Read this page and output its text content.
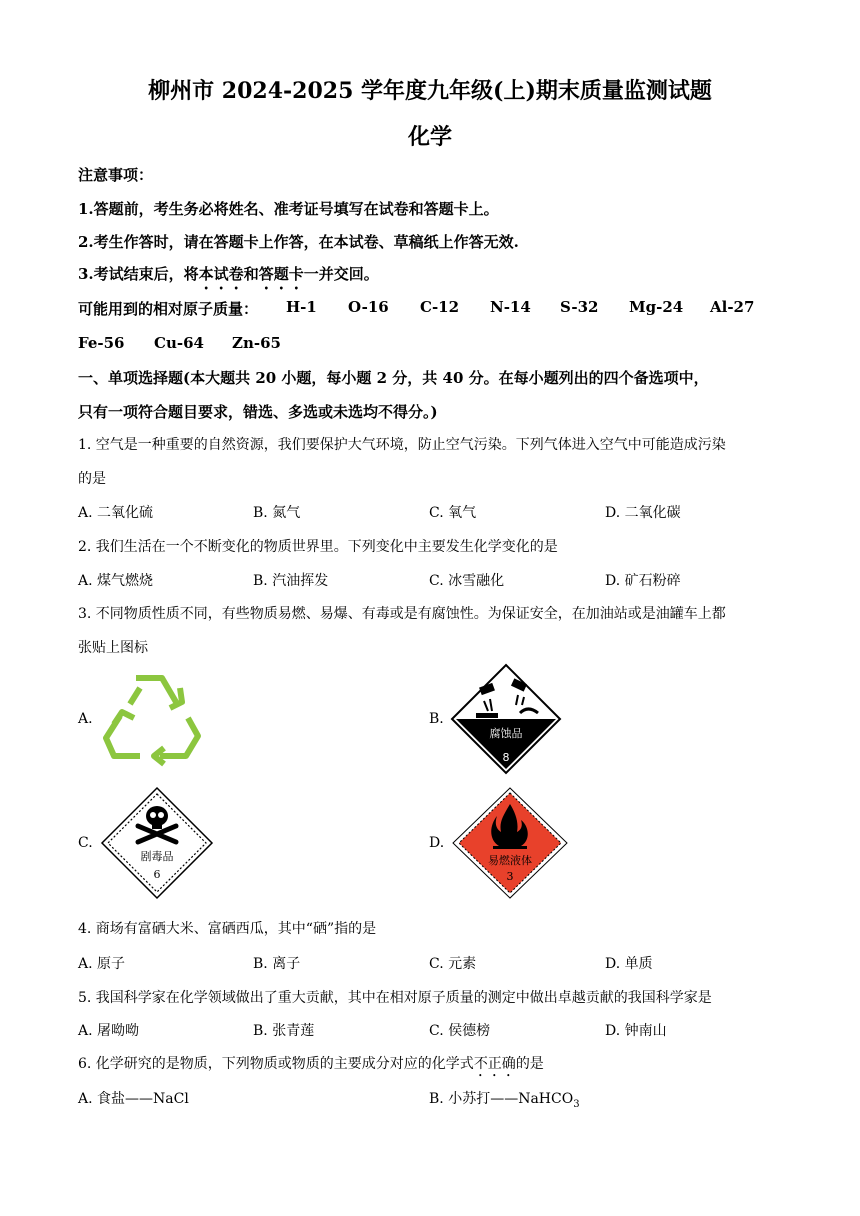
柳州市 2024-2025 学年度九年级(上)期末质量监测试题
化学
注意事项：
1.答题前，考生务必将姓名、准考证号填写在试卷和答题卡上。
2.考生作答时，请在答题卡上作答，在本试卷、草稿纸上作答无效.
3.考试结束后，将本试卷和答题卡一并交回。
可能用到的相对原子质量： H-1 O-16 C-12 N-14 S-32 Mg-24 Al-27
Fe-56 Cu-64 Zn-65
一、单项选择题(本大题共 20 小题，每小题 2 分，共 40 分。在每小题列出的四个备选项中，
只有一项符合题目要求，错选、多选或未选均不得分。)
1. 空气是一种重要的自然资源，我们要保护大气环境，防止空气污染。下列气体进入空气中可能造成污染
的是
A. 二氧化硫	B. 氮气	C. 氧气	D. 二氧化碳
2. 我们生活在一个不断变化的物质世界里。下列变化中主要发生化学变化的是
A. 煤气燃烧	B. 汽油挥发	C. 冰雪融化	D. 矿石粉碎
3. 不同物质性质不同，有些物质易燃、易爆、有毒或是有腐蚀性。为保证安全，在加油站或是油罐车上都
张贴上图标
A.	B.
腐蚀品
8
C.
剧毒品
6
D.
易燃液体
3
4. 商场有富硒大米、富硒西瓜，其中“硒”指的是
A. 原子	B. 离子	C. 元素	D. 单质
5. 我国科学家在化学领域做出了重大贡献，其中在相对原子质量的测定中做出卓越贡献的我国科学家是
A. 屠呦呦	B. 张青莲	C. 侯德榜	D. 钟南山
6. 化学研究的是物质，下列物质或物质的主要成分对应的化学式不正确的是
A. 食盐——NaCl	B. 小苏打——NaHCO$_3$
